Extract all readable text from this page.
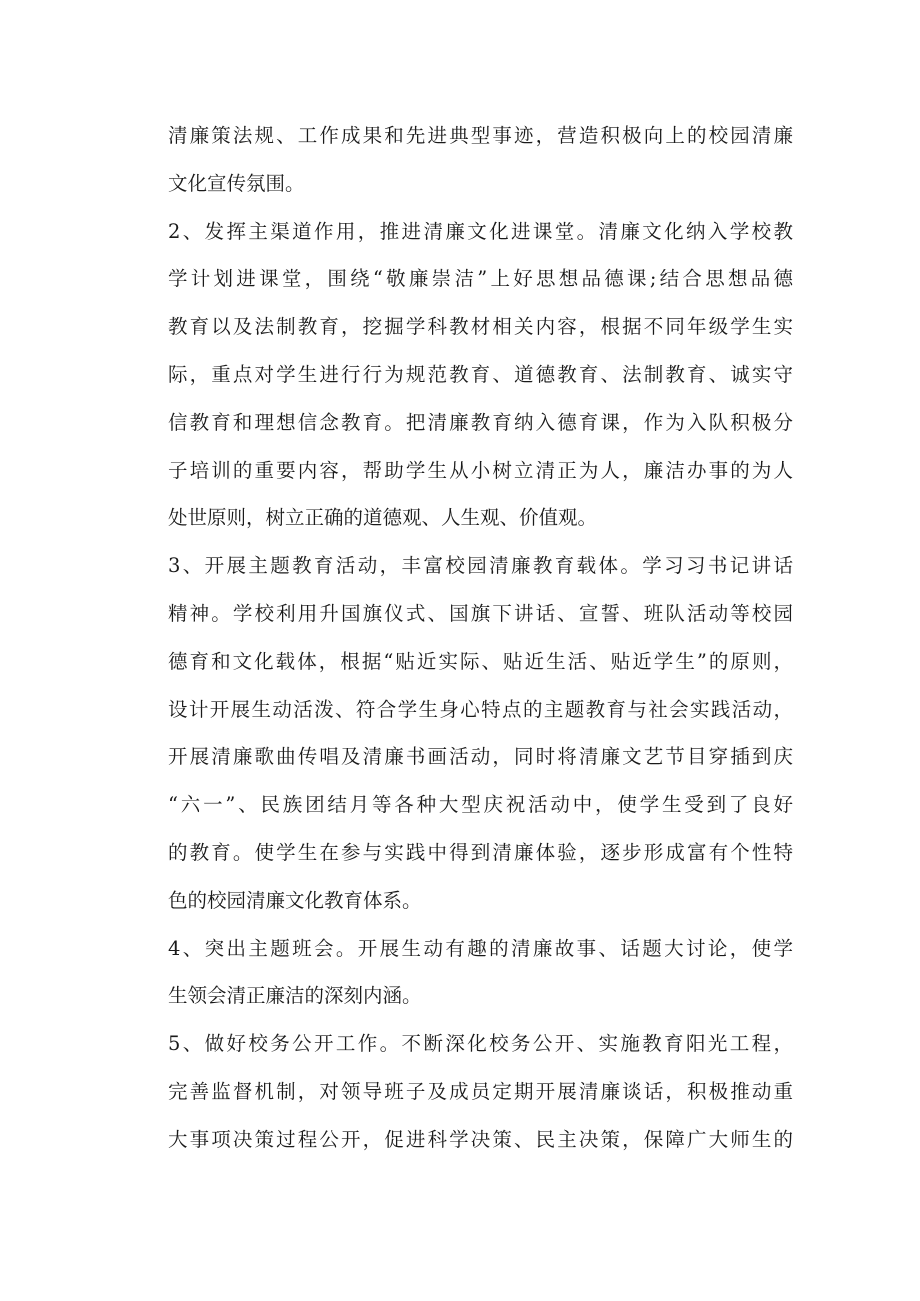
清廉策法规、工作成果和先进典型事迹，营造积极向上的校园清廉
文化宣传氛围。
2、发挥主渠道作用，推进清廉文化进课堂。清廉文化纳入学校教
学计划进课堂，围绕“敬廉崇洁”上好思想品德课;结合思想品德
教育以及法制教育，挖掘学科教材相关内容，根据不同年级学生实
际，重点对学生进行行为规范教育、道德教育、法制教育、诚实守
信教育和理想信念教育。把清廉教育纳入德育课，作为入队积极分
子培训的重要内容，帮助学生从小树立清正为人，廉洁办事的为人
处世原则，树立正确的道德观、人生观、价值观。
3、开展主题教育活动，丰富校园清廉教育载体。学习习书记讲话
精神。学校利用升国旗仪式、国旗下讲话、宣誓、班队活动等校园
德育和文化载体，根据“贴近实际、贴近生活、贴近学生”的原则，
设计开展生动活泼、符合学生身心特点的主题教育与社会实践活动，
开展清廉歌曲传唱及清廉书画活动，同时将清廉文艺节目穿插到庆
“六一”、民族团结月等各种大型庆祝活动中，使学生受到了良好
的教育。使学生在参与实践中得到清廉体验，逐步形成富有个性特
色的校园清廉文化教育体系。
4、突出主题班会。开展生动有趣的清廉故事、话题大讨论，使学
生领会清正廉洁的深刻内涵。
5、做好校务公开工作。不断深化校务公开、实施教育阳光工程，
完善监督机制，对领导班子及成员定期开展清廉谈话，积极推动重
大事项决策过程公开，促进科学决策、民主决策，保障广大师生的
